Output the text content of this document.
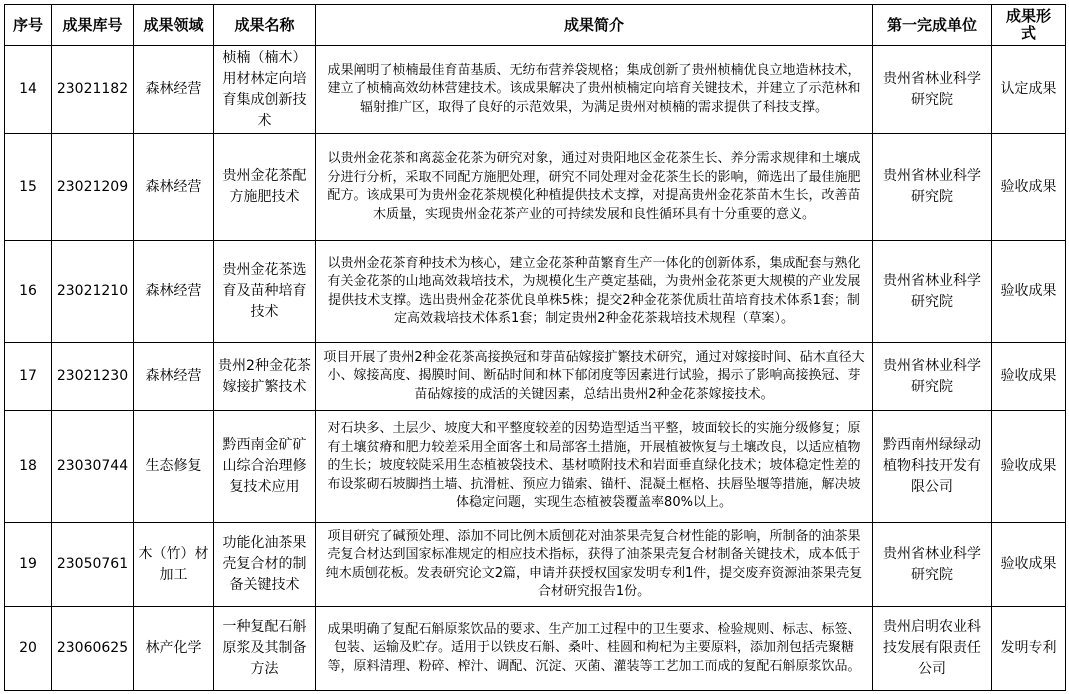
序号	成果库号	成果领域	成果名称	成果简介	第一完成单位	成果形式
14	23021182	森林经营	桢楠（楠木）用材林定向培育集成创新技术	成果阐明了桢楠最佳育苗基质、无纺布营养袋规格；集成创新了贵州桢楠优良立地造林技术，建立了桢楠高效幼林营建技术。该成果解决了贵州桢楠定向培育关键技术，并建立了示范林和辐射推广区，取得了良好的示范效果，为满足贵州对桢楠的需求提供了科技支撑。	贵州省林业科学研究院	认定成果
15	23021209	森林经营	贵州金花茶配方施肥技术	以贵州金花茶和离蕊金花茶为研究对象，通过对贵阳地区金花茶生长、养分需求规律和土壤成分进行分析，采取不同配方施肥处理，研究不同处理对金花茶生长的影响，筛选出了最佳施肥配方。该成果可为贵州金花茶规模化种植提供技术支撑，对提高贵州金花茶苗木生长，改善苗木质量，实现贵州金花茶产业的可持续发展和良性循环具有十分重要的意义。	贵州省林业科学研究院	验收成果
16	23021210	森林经营	贵州金花茶选育及苗种培育技术	以贵州金花茶育种技术为核心，建立金花茶种苗繁育生产一体化的创新体系，集成配套与熟化有关金花茶的山地高效栽培技术，为规模化生产奠定基础，为贵州金花茶更大规模的产业发展提供技术支撑。选出贵州金花茶优良单株5株；提交2种金花茶优质壮苗培育技术体系1套；制定高效栽培技术体系1套；制定贵州2种金花茶栽培技术规程（草案）。	贵州省林业科学研究院	验收成果
17	23021230	森林经营	贵州2种金花茶嫁接扩繁技术	项目开展了贵州2种金花茶高接换冠和芽苗砧嫁接扩繁技术研究，通过对嫁接时间、砧木直径大小、嫁接高度、揭膜时间、断砧时间和林下郁闭度等因素进行试验，揭示了影响高接换冠、芽苗砧嫁接的成活的关键因素，总结出贵州2种金花茶嫁接技术。	贵州省林业科学研究院	验收成果
18	23030744	生态修复	黔西南金矿矿山综合治理修复技术应用	对石块多、土层少、坡度大和平整度较差的因势造型适当平整，坡面较长的实施分级修复；原有土壤贫瘠和肥力较差采用全面客土和局部客土措施，开展植被恢复与土壤改良，以适应植物的生长；坡度较陡采用生态植被袋技术、基材喷附技术和岩面垂直绿化技术；坡体稳定性差的布设浆砌石坡脚挡土墙、抗滑桩、预应力锚索、锚杆、混凝土框格、扶唇坠堰等措施，解决坡体稳定问题，实现生态植被袋覆盖率80%以上。	黔西南州绿绿动植物科技开发有限公司	验收成果
19	23050761	木（竹）材加工	功能化油茶果壳复合材的制备关键技术	项目研究了碱预处理、添加不同比例木质刨花对油茶果壳复合材性能的影响，所制备的油茶果壳复合材达到国家标准规定的相应技术指标，获得了油茶果壳复合材制备关键技术，成本低于纯木质刨花板。发表研究论文2篇，申请并获授权国家发明专利1件，提交废弃资源油茶果壳复合材研究报告1份。	贵州省林业科学研究院	验收成果
20	23060625	林产化学	一种复配石斛原浆及其制备方法	成果明确了复配石斛原浆饮品的要求、生产加工过程中的卫生要求、检验规则、标志、标签、包装、运输及贮存。适用于以铁皮石斛、桑叶、桂圆和枸杞为主要原料，添加剂包括壳聚糖等，原料清理、粉碎、榨汁、调配、沉淀、灭菌、灌装等工艺加工而成的复配石斛原浆饮品。	贵州启明农业科技发展有限责任公司	发明专利
